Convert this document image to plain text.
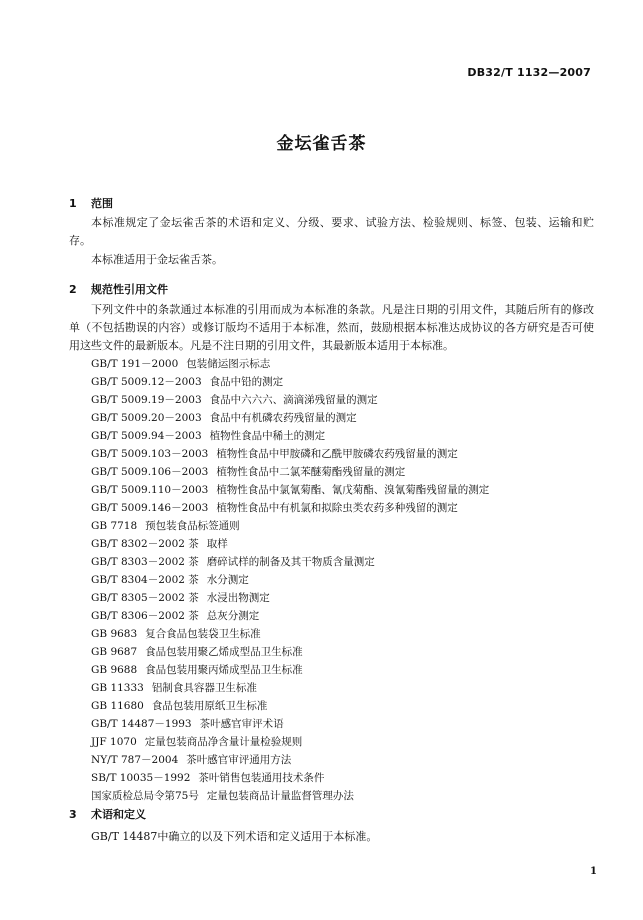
DB32/T 1132—2007
金坛雀舌茶
1 范围
本标准规定了金坛雀舌茶的术语和定义、分级、要求、试验方法、检验规则、标签、包装、运输和贮存。
本标准适用于金坛雀舌茶。
2 规范性引用文件
下列文件中的条款通过本标准的引用而成为本标准的条款。凡是注日期的引用文件，其随后所有的修改单（不包括勘误的内容）或修订版均不适用于本标准，然而，鼓励根据本标准达成协议的各方研究是否可使用这些文件的最新版本。凡是不注日期的引用文件，其最新版本适用于本标准。
GB/T 191－2000 包装储运图示标志
GB/T 5009.12－2003 食品中铅的测定
GB/T 5009.19－2003 食品中六六六、滴滴涕残留量的测定
GB/T 5009.20－2003 食品中有机磷农药残留量的测定
GB/T 5009.94－2003 植物性食品中稀土的测定
GB/T 5009.103－2003 植物性食品中甲胺磷和乙酰甲胺磷农药残留量的测定
GB/T 5009.106－2003 植物性食品中二氯苯醚菊酯残留量的测定
GB/T 5009.110－2003 植物性食品中氯氰菊酯、氰戊菊酯、溴氰菊酯残留量的测定
GB/T 5009.146－2003 植物性食品中有机氯和拟除虫类农药多种残留的测定
GB 7718 预包装食品标签通则
GB/T 8302－2002 茶 取样
GB/T 8303－2002 茶 磨碎试样的制备及其干物质含量测定
GB/T 8304－2002 茶 水分测定
GB/T 8305－2002 茶 水浸出物测定
GB/T 8306－2002 茶 总灰分测定
GB 9683 复合食品包装袋卫生标准
GB 9687 食品包装用聚乙烯成型品卫生标准
GB 9688 食品包装用聚丙烯成型品卫生标准
GB 11333 铝制食具容器卫生标准
GB 11680 食品包装用原纸卫生标准
GB/T 14487－1993 茶叶感官审评术语
JJF 1070 定量包装商品净含量计量检验规则
NY/T 787－2004 茶叶感官审评通用方法
SB/T 10035－1992 茶叶销售包装通用技术条件
国家质检总局令第75号 定量包装商品计量监督管理办法
3 术语和定义
GB/T 14487中确立的以及下列术语和定义适用于本标准。
1
